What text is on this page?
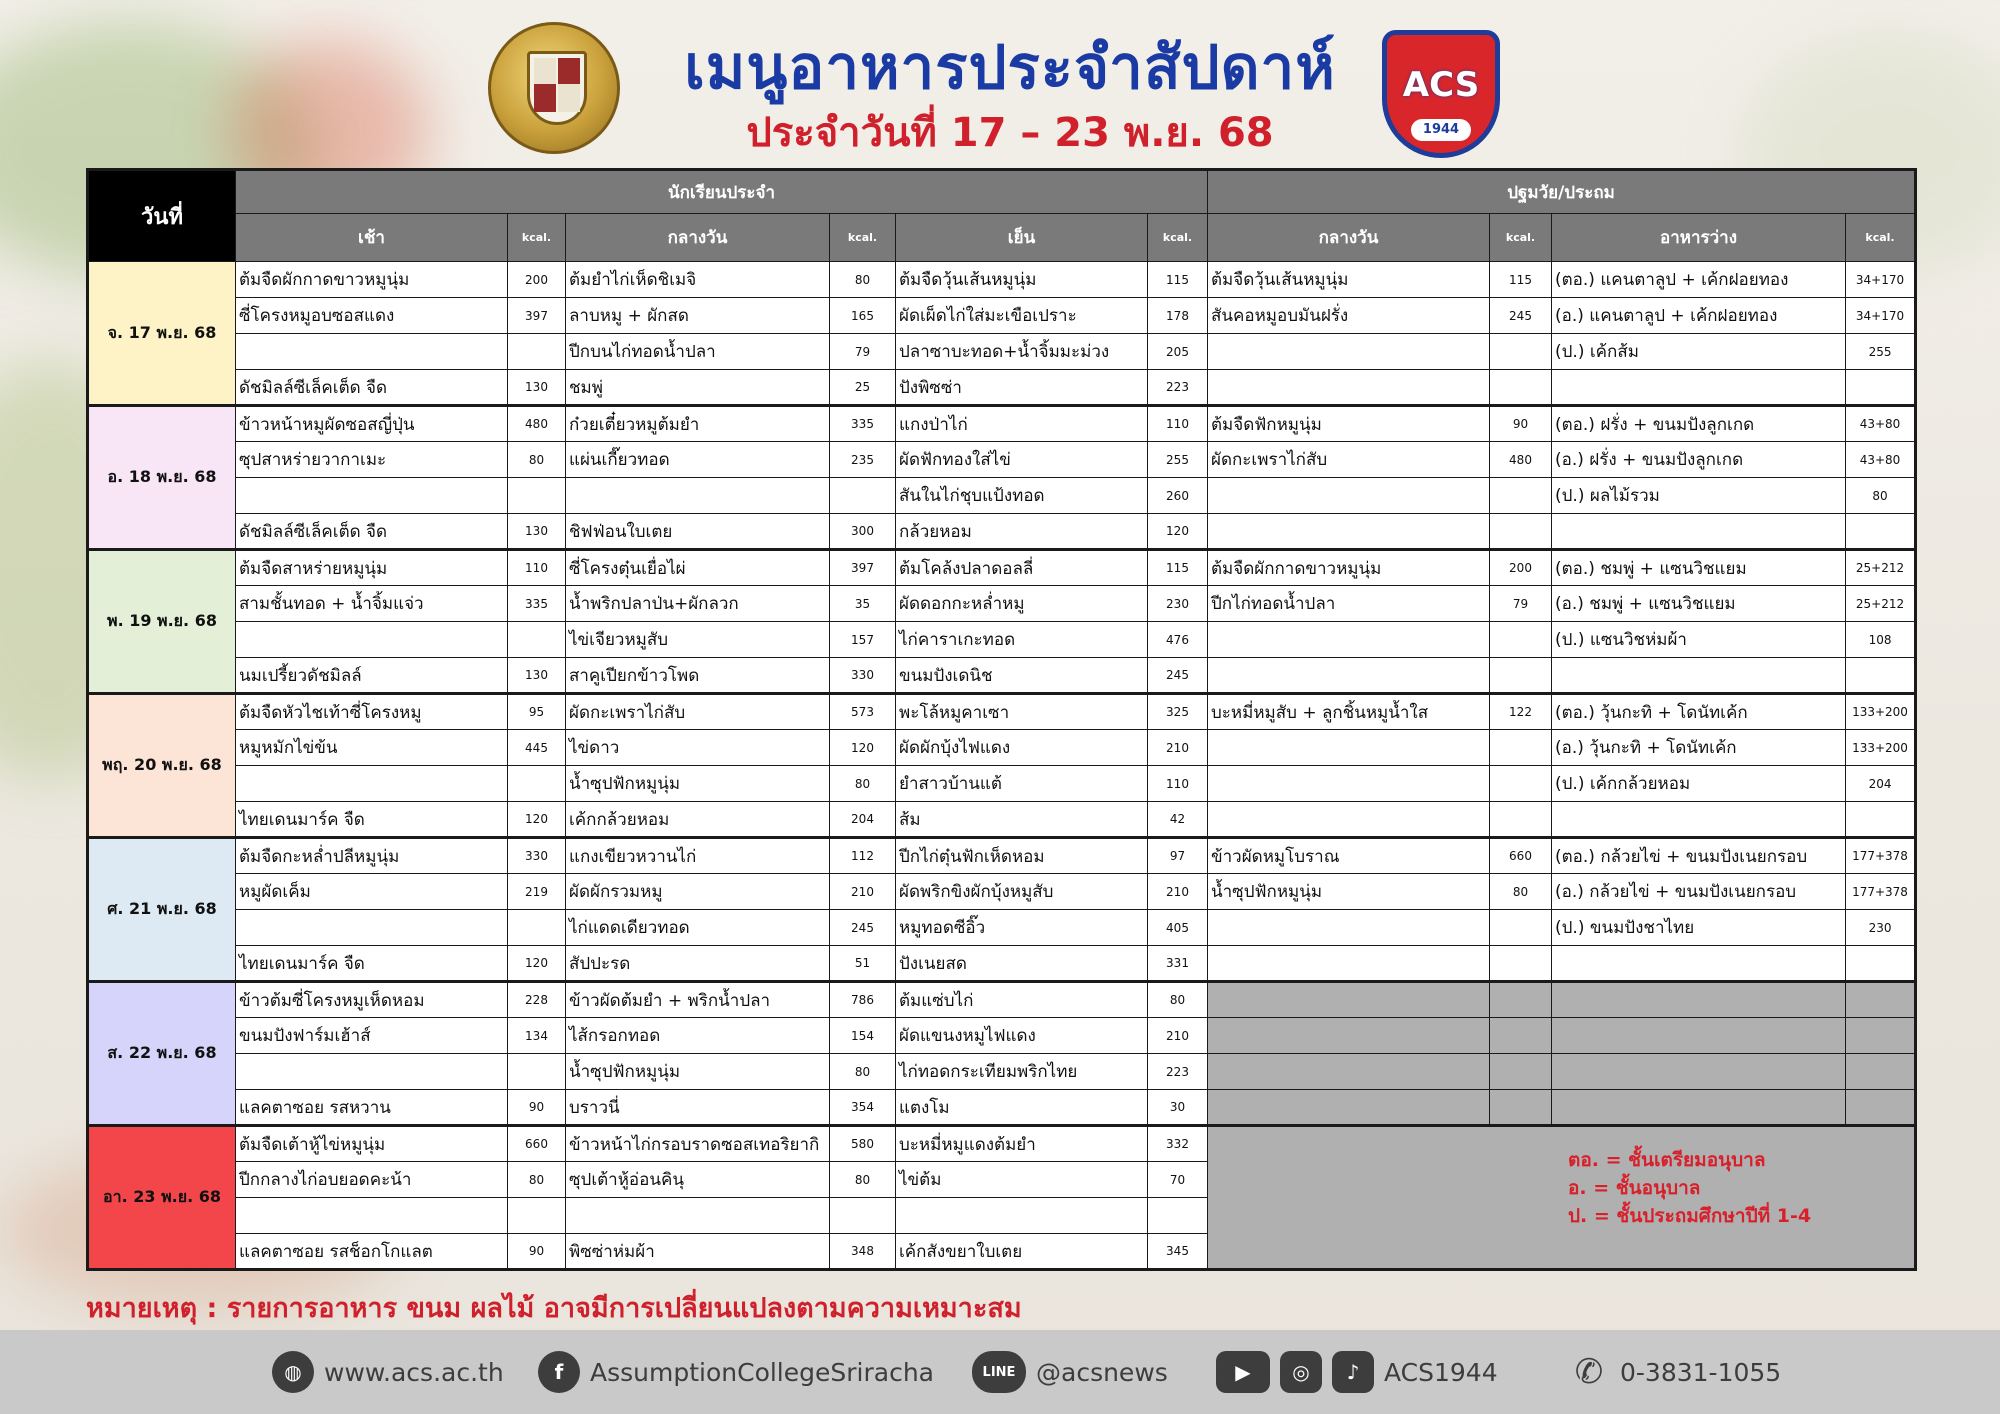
เมนูอาหารประจำสัปดาห์
ประจำวันที่ 17 – 23 พ.ย. 68
ACS
1944
วันที่	นักเรียนประจำ						ปฐมวัย/ประถม			
	เช้า	kcal.	กลางวัน	kcal.	เย็น	kcal.	กลางวัน	kcal.	อาหารว่าง	kcal.
จ. 17 พ.ย. 68	ต้มจืดผักกาดขาวหมูนุ่ม	200	ต้มยำไก่เห็ดชิเมจิ	80	ต้มจืดวุ้นเส้นหมูนุ่ม	115	ต้มจืดวุ้นเส้นหมูนุ่ม	115	(ตอ.) แคนตาลูป + เค้กฝอยทอง	34+170
	ซี่โครงหมูอบซอสแดง	397	ลาบหมู + ผักสด	165	ผัดเผ็ดไก่ใส่มะเขือเปราะ	178	สันคอหมูอบมันฝรั่ง	245	(อ.) แคนตาลูป + เค้กฝอยทอง	34+170
			ปีกบนไก่ทอดน้ำปลา	79	ปลาซาบะทอด+น้ำจิ้มมะม่วง	205			(ป.) เค้กส้ม	255
	ดัชมิลล์ซีเล็คเต็ด จืด	130	ชมพู่	25	ปังพิซซ่า	223				
อ. 18 พ.ย. 68	ข้าวหน้าหมูผัดซอสญี่ปุ่น	480	ก๋วยเตี๋ยวหมูต้มยำ	335	แกงป่าไก่	110	ต้มจืดฟักหมูนุ่ม	90	(ตอ.) ฝรั่ง + ขนมปังลูกเกด	43+80
	ซุปสาหร่ายวากาเมะ	80	แผ่นเกี๊ยวทอด	235	ผัดฟักทองใส่ไข่	255	ผัดกะเพราไก่สับ	480	(อ.) ฝรั่ง + ขนมปังลูกเกด	43+80
					สันในไก่ชุบแป้งทอด	260			(ป.) ผลไม้รวม	80
	ดัชมิลล์ซีเล็คเต็ด จืด	130	ชิฟฟ่อนใบเตย	300	กล้วยหอม	120				
พ. 19 พ.ย. 68	ต้มจืดสาหร่ายหมูนุ่ม	110	ซี่โครงตุ๋นเยื่อไผ่	397	ต้มโคล้งปลาดอลลี่	115	ต้มจืดผักกาดขาวหมูนุ่ม	200	(ตอ.) ชมพู่ + แซนวิชแยม	25+212
	สามชั้นทอด + น้ำจิ้มแจ่ว	335	น้ำพริกปลาป่น+ผักลวก	35	ผัดดอกกะหล่ำหมู	230	ปีกไก่ทอดน้ำปลา	79	(อ.) ชมพู่ + แซนวิชแยม	25+212
			ไข่เจียวหมูสับ	157	ไก่คาราเกะทอด	476			(ป.) แซนวิชห่มผ้า	108
	นมเปรี้ยวดัชมิลล์	130	สาคูเปียกข้าวโพด	330	ขนมปังเดนิช	245				
พฤ. 20 พ.ย. 68	ต้มจืดหัวไชเท้าซี่โครงหมู	95	ผัดกะเพราไก่สับ	573	พะโล้หมูคาเซา	325	บะหมี่หมูสับ + ลูกชิ้นหมูน้ำใส	122	(ตอ.) วุ้นกะทิ + โดนัทเค้ก	133+200
	หมูหมักไข่ข้น	445	ไข่ดาว	120	ผัดผักบุ้งไฟแดง	210			(อ.) วุ้นกะทิ + โดนัทเค้ก	133+200
			น้ำซุปฟักหมูนุ่ม	80	ยำสาวบ้านแต้	110			(ป.) เค้กกล้วยหอม	204
	ไทยเดนมาร์ค จืด	120	เค้กกล้วยหอม	204	ส้ม	42				
ศ. 21 พ.ย. 68	ต้มจืดกะหล่ำปลีหมูนุ่ม	330	แกงเขียวหวานไก่	112	ปีกไก่ตุ๋นฟักเห็ดหอม	97	ข้าวผัดหมูโบราณ	660	(ตอ.) กล้วยไข่ + ขนมปังเนยกรอบ	177+378
	หมูผัดเค็ม	219	ผัดผักรวมหมู	210	ผัดพริกขิงผักบุ้งหมูสับ	210	น้ำซุปฟักหมูนุ่ม	80	(อ.) กล้วยไข่ + ขนมปังเนยกรอบ	177+378
			ไก่แดดเดียวทอด	245	หมูทอดซีอิ๊ว	405			(ป.) ขนมปังชาไทย	230
	ไทยเดนมาร์ค จืด	120	สัปปะรด	51	ปังเนยสด	331				
ส. 22 พ.ย. 68	ข้าวต้มซี่โครงหมูเห็ดหอม	228	ข้าวผัดต้มยำ + พริกน้ำปลา	786	ต้มแซ่บไก่	80				
	ขนมปังฟาร์มเฮ้าส์	134	ไส้กรอกทอด	154	ผัดแขนงหมูไฟแดง	210				
			น้ำซุปฟักหมูนุ่ม	80	ไก่ทอดกระเทียมพริกไทย	223				
	แลคตาซอย รสหวาน	90	บราวนี่	354	แตงโม	30				
อา. 23 พ.ย. 68	ต้มจืดเต้าหู้ไข่หมูนุ่ม	660	ข้าวหน้าไก่กรอบราดซอสเทอริยากิ	580	บะหมี่หมูแดงต้มยำ	332				
	ปีกกลางไก่อบยอดคะน้า	80	ซุปเต้าหู้อ่อนคินุ	80	ไข่ต้ม	70				

	แลคตาซอย รสช็อกโกแลต	90	พิซซ่าห่มผ้า	348	เค้กสังขยาใบเตย	345				
ตอ. = ชั้นเตรียมอนุบาล
อ. = ชั้นอนุบาล
ป. = ชั้นประถมศึกษาปีที่ 1-4
หมายเหตุ : รายการอาหาร ขนม ผลไม้ อาจมีการเปลี่ยนแปลงตามความเหมาะสม
◍ www.acs.ac.th	f	AssumptionCollegeSriracha	LINE @acsnews	▶	◎	♪ ACS1944 ✆ 0-3831-1055
